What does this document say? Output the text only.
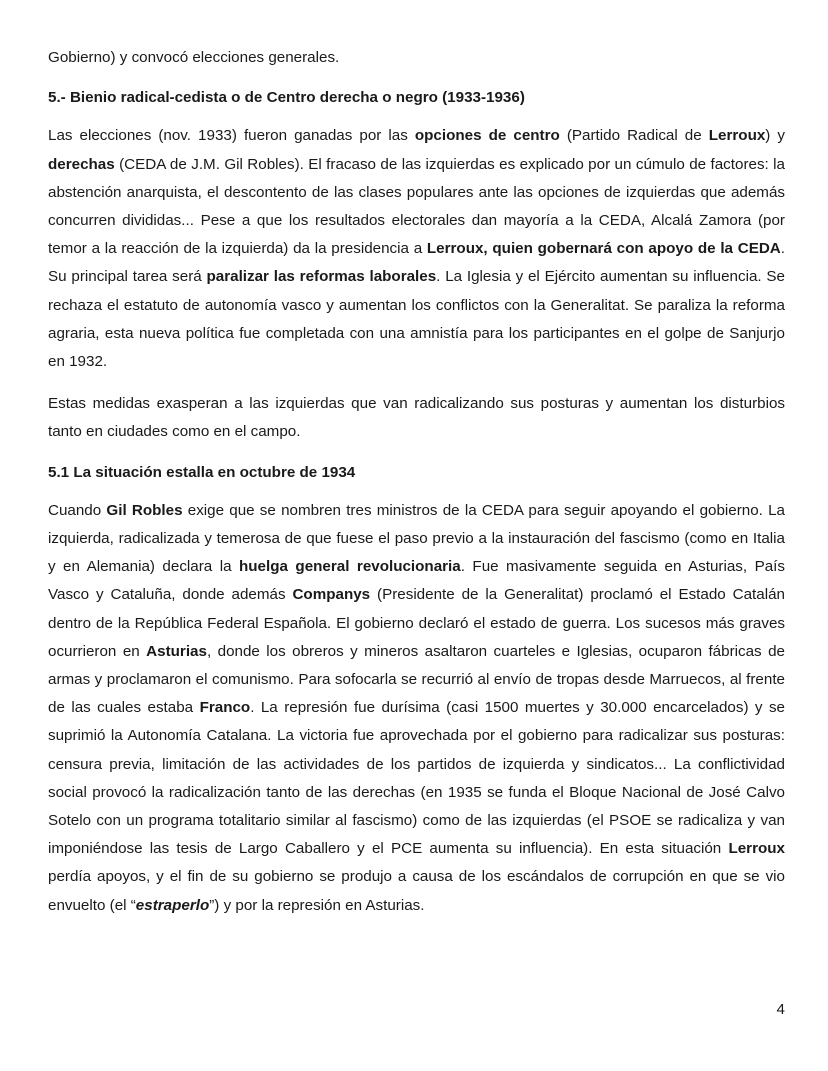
Gobierno) y convocó elecciones generales.

5.- Bienio radical-cedista o de Centro derecha o negro (1933-1936)

Las elecciones (nov. 1933) fueron ganadas por las opciones de centro (Partido Radical de Lerroux) y derechas (CEDA de J.M. Gil Robles). El fracaso de las izquierdas es explicado por un cúmulo de factores: la abstención anarquista, el descontento de las clases populares ante las opciones de izquierdas que además concurren divididas... Pese a que los resultados electorales dan mayoría a la CEDA, Alcalá Zamora (por temor a la reacción de la izquierda) da la presidencia a Lerroux, quien gobernará con apoyo de la CEDA. Su principal tarea será paralizar las reformas laborales. La Iglesia y el Ejército aumentan su influencia. Se rechaza el estatuto de autonomía vasco y aumentan los conflictos con la Generalitat. Se paraliza la reforma agraria, esta nueva política fue completada con una amnistía para los participantes en el golpe de Sanjurjo en 1932.

Estas medidas exasperan a las izquierdas que van radicalizando sus posturas y aumentan los disturbios tanto en ciudades como en el campo.

5.1 La situación estalla en octubre de 1934

Cuando Gil Robles exige que se nombren tres ministros de la CEDA para seguir apoyando el gobierno. La izquierda, radicalizada y temerosa de que fuese el paso previo a la instauración del fascismo (como en Italia y en Alemania) declara la huelga general revolucionaria. Fue masivamente seguida en Asturias, País Vasco y Cataluña, donde además Companys (Presidente de la Generalitat) proclamó el Estado Catalán dentro de la República Federal Española. El gobierno declaró el estado de guerra. Los sucesos más graves ocurrieron en Asturias, donde los obreros y mineros asaltaron cuarteles e Iglesias, ocuparon fábricas de armas y proclamaron el comunismo. Para sofocarla se recurrió al envío de tropas desde Marruecos, al frente de las cuales estaba Franco. La represión fue durísima (casi 1500 muertes y 30.000 encarcelados) y se suprimió la Autonomía Catalana. La victoria fue aprovechada por el gobierno para radicalizar sus posturas: censura previa, limitación de las actividades de los partidos de izquierda y sindicatos... La conflictividad social provocó la radicalización tanto de las derechas (en 1935 se funda el Bloque Nacional de José Calvo Sotelo con un programa totalitario similar al fascismo) como de las izquierdas (el PSOE se radicaliza y van imponiéndose las tesis de Largo Caballero y el PCE aumenta su influencia). En esta situación Lerroux perdía apoyos, y el fin de su gobierno se produjo a causa de los escándalos de corrupción en que se vio envuelto (el “estraperlo”) y por la represión en Asturias.

4
